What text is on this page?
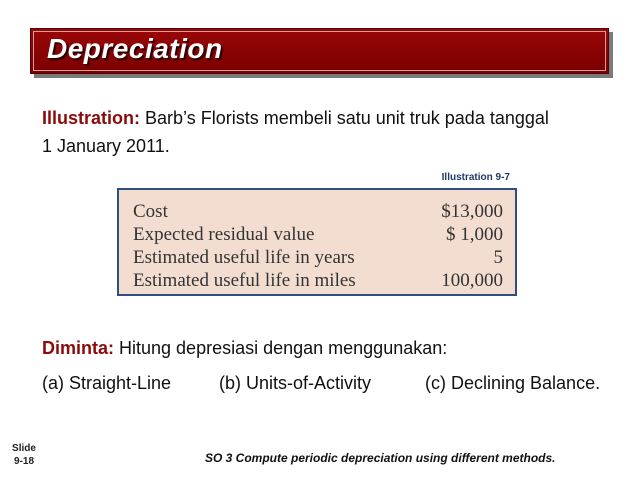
Depreciation
Illustration: Barb’s Florists membeli satu unit truk pada tanggal
1 January 2011.
Illustration 9-7
Cost	$13,000
Expected residual value	$ 1,000
Estimated useful life in years	5
Estimated useful life in miles	100,000
Diminta: Hitung depresiasi dengan menggunakan:
(a) Straight-Line	(b) Units-of-Activity	(c) Declining Balance.
Slide
9-18	SO 3 Compute periodic depreciation using different methods.
